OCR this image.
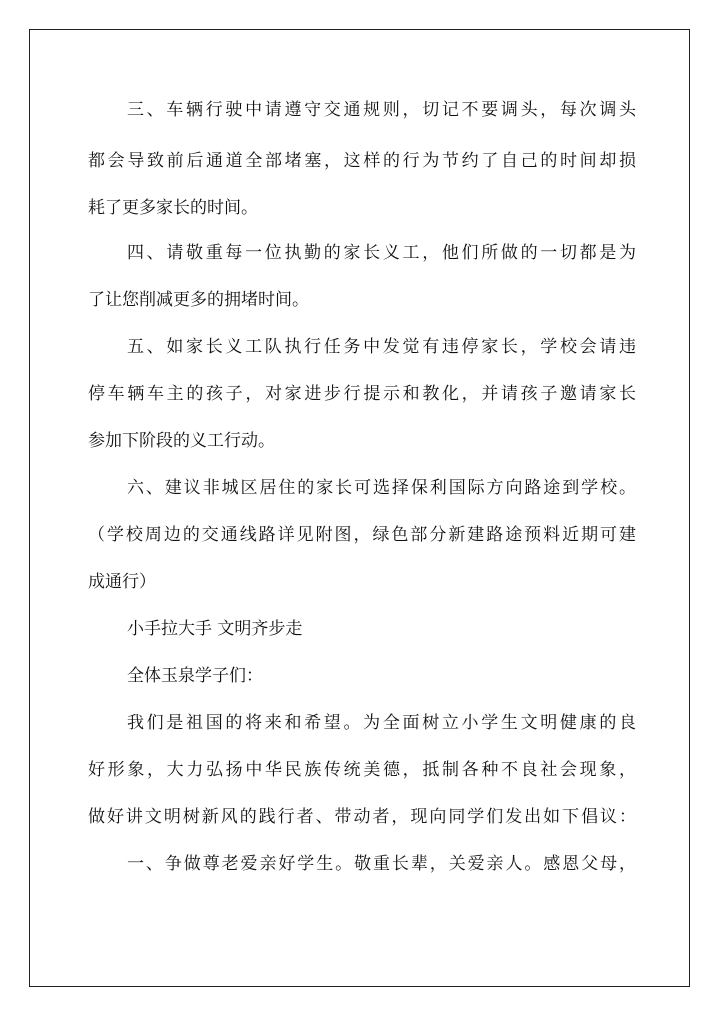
三、车辆行驶中请遵守交通规则，切记不要调头，每次调头
都会导致前后通道全部堵塞，这样的行为节约了自己的时间却损
耗了更多家长的时间。
四、请敬重每一位执勤的家长义工，他们所做的一切都是为
了让您削减更多的拥堵时间。
五、如家长义工队执行任务中发觉有违停家长，学校会请违
停车辆车主的孩子，对家进步行提示和教化，并请孩子邀请家长
参加下阶段的义工行动。
六、建议非城区居住的家长可选择保利国际方向路途到学校。
（学校周边的交通线路详见附图，绿色部分新建路途预料近期可建
成通行）
小手拉大手 文明齐步走
全体玉泉学子们：
我们是祖国的将来和希望。为全面树立小学生文明健康的良
好形象，大力弘扬中华民族传统美德，抵制各种不良社会现象，
做好讲文明树新风的践行者、带动者，现向同学们发出如下倡议：
一、争做尊老爱亲好学生。敬重长辈，关爱亲人。感恩父母，
